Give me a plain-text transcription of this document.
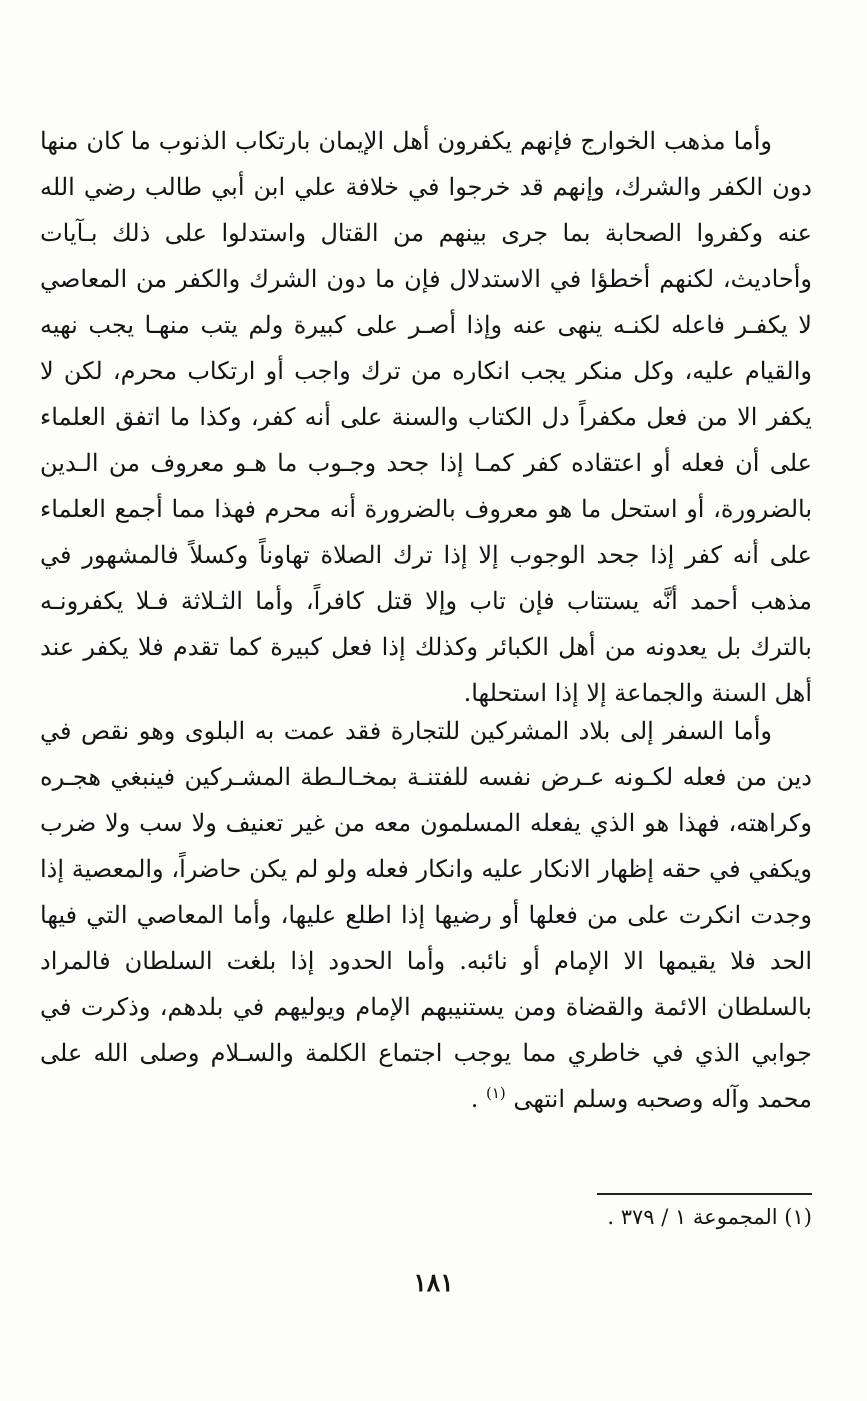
وأما مذهب الخوارج فإنهم يكفرون أهل الإيمان بارتكاب الذنوب ما كان منها دون الكفر والشرك، وإنهم قد خرجوا في خلافة علي ابن أبي طالب رضي الله عنه وكفروا الصحابة بما جرى بينهم من القتال واستدلوا على ذلك بـآيات وأحاديث، لكنهم أخطؤا في الاستدلال فإن ما دون الشرك والكفر من المعاصي لا يكفـر فاعله لكنـه ينهى عنه وإذا أصـر على كبيرة ولم يتب منهـا يجب نهيه والقيام عليه، وكل منكر يجب انكاره من ترك واجب أو ارتكاب محرم، لكن لا يكفر الا من فعل مكفراً دل الكتاب والسنة على أنه كفر، وكذا ما اتفق العلماء على أن فعله أو اعتقاده كفر كمـا إذا جحد وجـوب ما هـو معروف من الـدين بالضرورة، أو استحل ما هو معروف بالضرورة أنه محرم فهذا مما أجمع العلماء على أنه كفر إذا جحد الوجوب إلا إذا ترك الصلاة تهاوناً وكسلاً فالمشهور في مذهب أحمد أنَّه يستتاب فإن تاب وإلا قتل كافراً، وأما الثـلاثة فـلا يكفرونـه بالترك بل يعدونه من أهل الكبائر وكذلك إذا فعل كبيرة كما تقدم فلا يكفر عند أهل السنة والجماعة إلا إذا استحلها.

وأما السفر إلى بلاد المشركين للتجارة فقد عمت به البلوى وهو نقص في دين من فعله لكـونه عـرض نفسه للفتنـة بمخـالـطة المشـركين فينبغي هجـره وكراهته، فهذا هو الذي يفعله المسلمون معه من غير تعنيف ولا سب ولا ضرب ويكفي في حقه إظهار الانكار عليه وانكار فعله ولو لم يكن حاضراً، والمعصية إذا وجدت انكرت على من فعلها أو رضيها إذا اطلع عليها، وأما المعاصي التي فيها الحد فلا يقيمها الا الإمام أو نائبه. وأما الحدود إذا بلغت السلطان فالمراد بالسلطان الائمة والقضاة ومن يستنيبهم الإمام ويوليهم في بلدهم، وذكرت في جوابي الذي في خاطري مما يوجب اجتماع الكلمة والسـلام وصلى الله على محمد وآله وصحبه وسلم انتهى $^{(١)}$ .

(١) المجموعة ١ / ٣٧٩ .
١٨١
